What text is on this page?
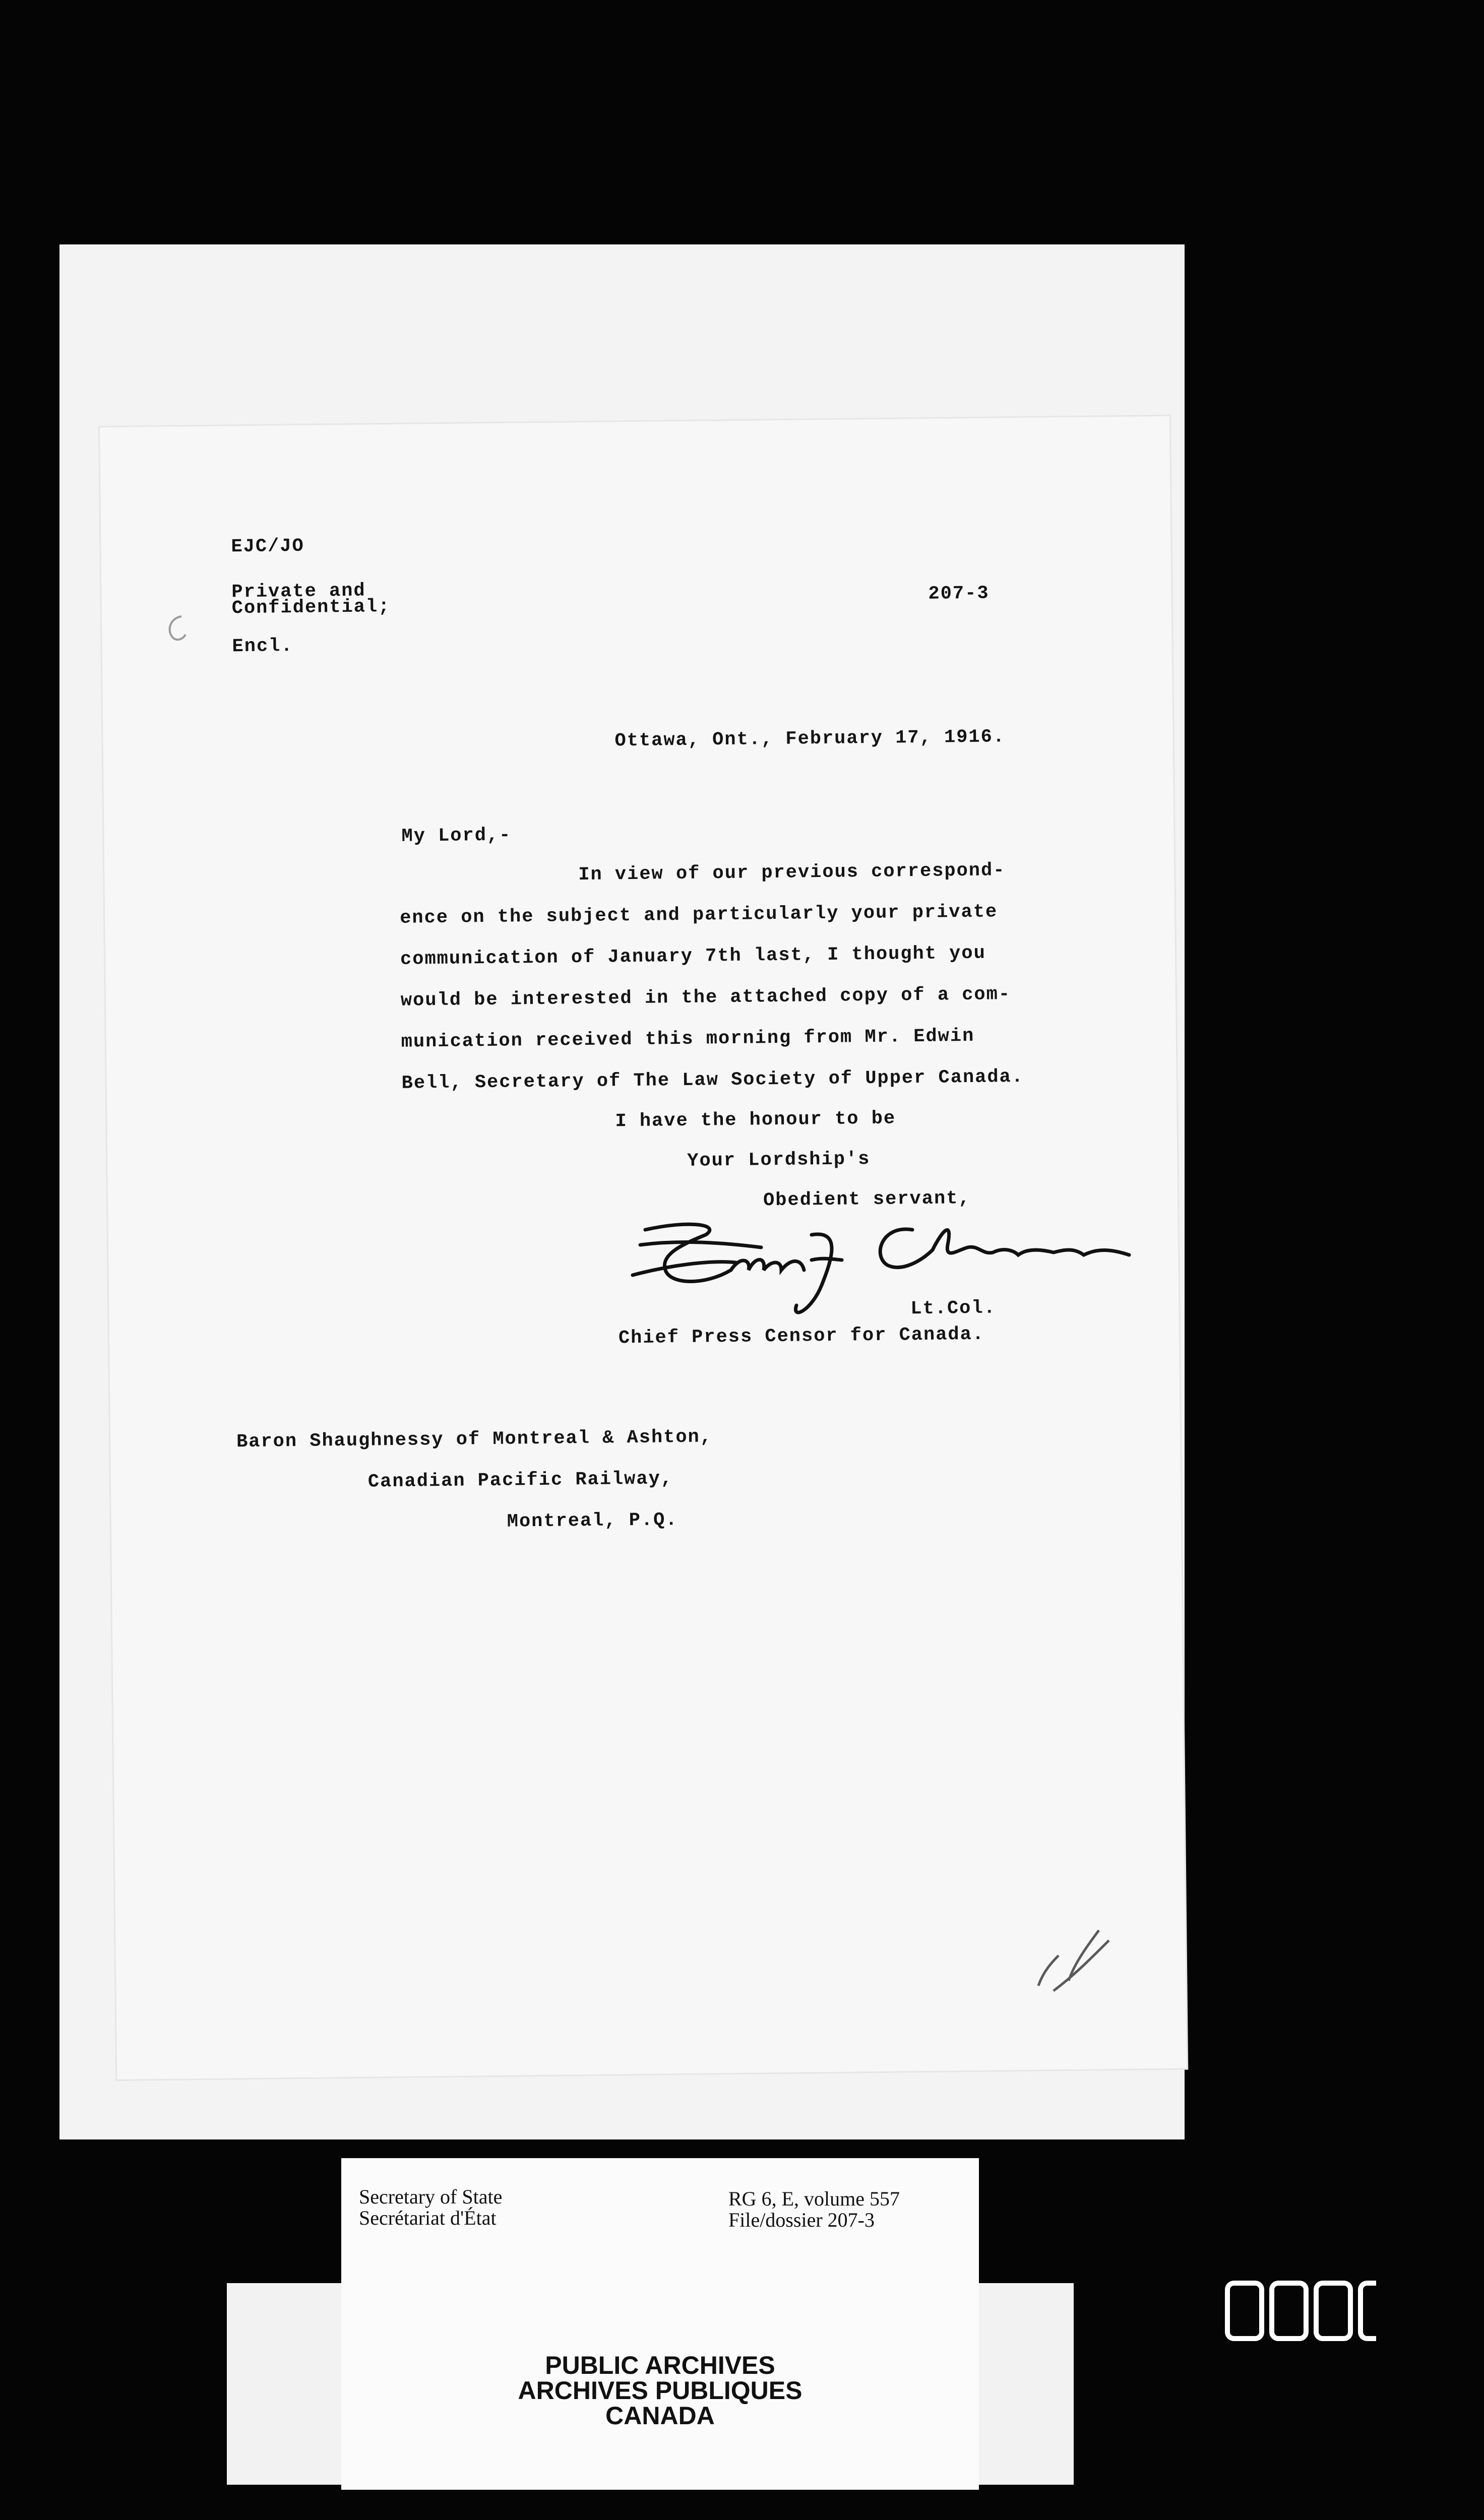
EJC/JO
Private and
Confidential;
207-3
Encl.
Ottawa, Ont., February 17, 1916.
My Lord,-
In view of our previous correspond-
ence on the subject and particularly your private
communication of January 7th last, I thought you
would be interested in the attached copy of a com-
munication received this morning from Mr. Edwin
Bell, Secretary of The Law Society of Upper Canada.
I have the honour to be
Your Lordship's
Obedient servant,
Lt.Col.
Chief Press Censor for Canada.
Baron Shaughnessy of Montreal & Ashton,
Canadian Pacific Railway,
Montreal, P.Q.
Secretary of State
Secrétariat d'État
RG 6, E, volume 557
File/dossier 207-3
PUBLIC ARCHIVES
ARCHIVES PUBLIQUES
CANADA
